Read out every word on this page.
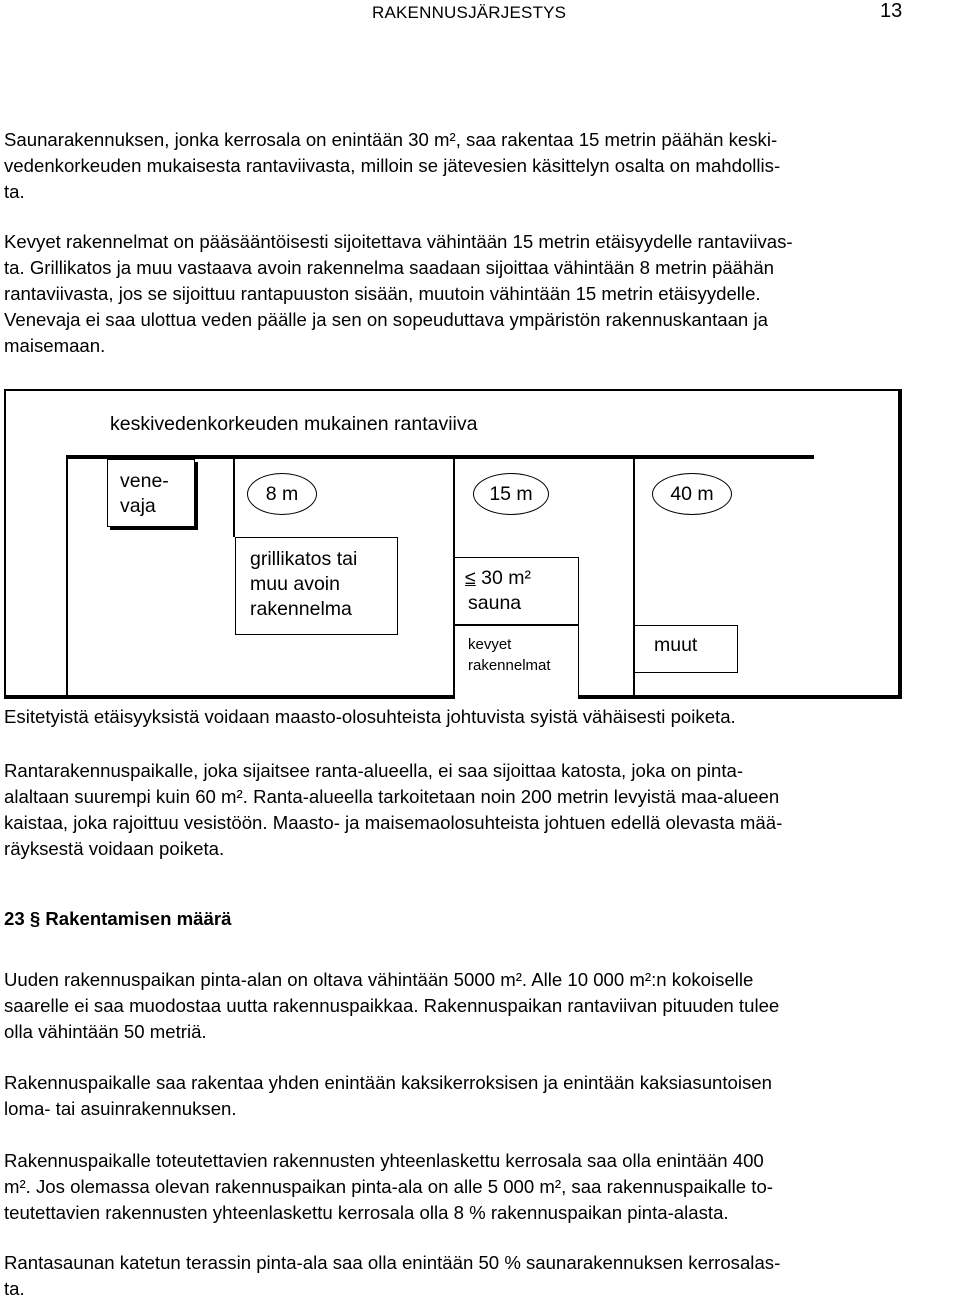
RAKENNUSJÄRJESTYS	13
Saunarakennuksen, jonka kerrosala on enintään 30 m², saa rakentaa 15 metrin päähän keski-
vedenkorkeuden mukaisesta rantaviivasta, milloin se jätevesien käsittelyn osalta on mahdollis-
ta.
Kevyet rakennelmat on pääsääntöisesti sijoitettava vähintään 15 metrin etäisyydelle rantaviivas-
ta. Grillikatos ja muu vastaava avoin rakennelma saadaan sijoittaa vähintään 8 metrin päähän
rantaviivasta, jos se sijoittuu rantapuuston sisään, muutoin vähintään 15 metrin etäisyydelle.
Venevaja ei saa ulottua veden päälle ja sen on sopeuduttava ympäristön rakennuskantaan ja
maisemaan.
keskivedenkorkeuden mukainen rantaviiva
vene-
vaja
8 m
grillikatos tai
muu avoin
rakennelma
15 m
≤ 30 m²
sauna
kevyet
rakennelmat
40 m
muut
Esitetyistä etäisyyksistä voidaan maasto-olosuhteista johtuvista syistä vähäisesti poiketa.
Rantarakennuspaikalle, joka sijaitsee ranta-alueella, ei saa sijoittaa katosta, joka on pinta-
alaltaan suurempi kuin 60 m². Ranta-alueella tarkoitetaan noin 200 metrin levyistä maa-alueen
kaistaa, joka rajoittuu vesistöön. Maasto- ja maisemaolosuhteista johtuen edellä olevasta mää-
räyksestä voidaan poiketa.
23 § Rakentamisen määrä
Uuden rakennuspaikan pinta-alan on oltava vähintään 5000 m². Alle 10 000 m²:n kokoiselle
saarelle ei saa muodostaa uutta rakennuspaikkaa. Rakennuspaikan rantaviivan pituuden tulee
olla vähintään 50 metriä.
Rakennuspaikalle saa rakentaa yhden enintään kaksikerroksisen ja enintään kaksiasuntoisen
loma- tai asuinrakennuksen.
Rakennuspaikalle toteutettavien rakennusten yhteenlaskettu kerrosala saa olla enintään 400
m². Jos olemassa olevan rakennuspaikan pinta-ala on alle 5 000 m², saa rakennuspaikalle to-
teutettavien rakennusten yhteenlaskettu kerrosala olla 8 % rakennuspaikan pinta-alasta.
Rantasaunan katetun terassin pinta-ala saa olla enintään 50 % saunarakennuksen kerrosalas-
ta.
